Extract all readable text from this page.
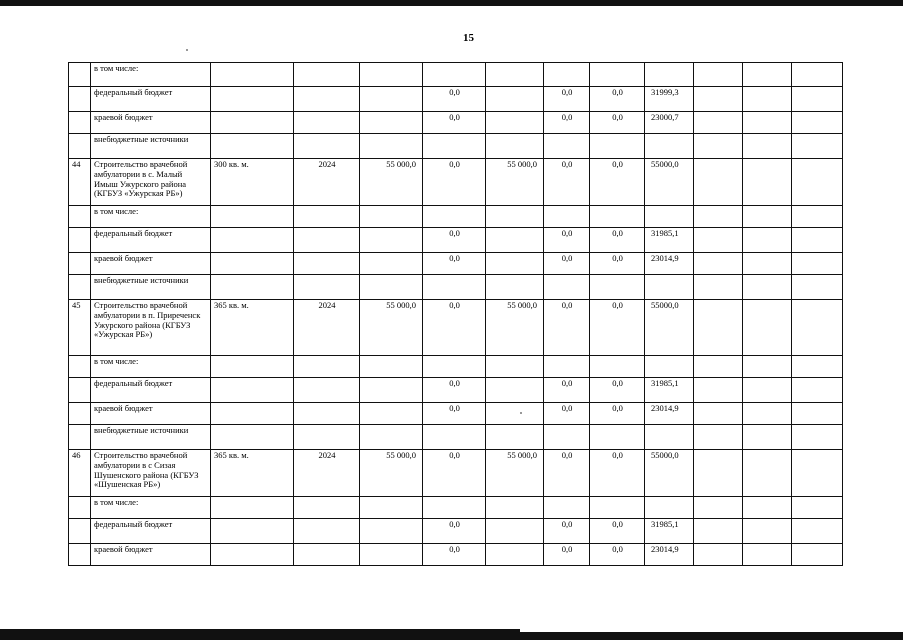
15
	в том числе:											
	федеральный бюджет				0,0		0,0	0,0	31999,3			
	краевой бюджет				0,0		0,0	0,0	23000,7			
	внебюджетные источники											
44	Строительство врачебной амбулатории в с. Малый Имыш Ужурского района (КГБУЗ «Ужурская РБ»)	300 кв. м.	2024	55 000,0	0,0	55 000,0	0,0	0,0	55000,0			
	в том числе:											
	федеральный бюджет				0,0		0,0	0,0	31985,1			
	краевой бюджет				0,0		0,0	0,0	23014,9			
	внебюджетные источники											
45	Строительство врачебной амбулатории в п. Приреченск Ужурского района (КГБУЗ «Ужурская РБ»)	365 кв. м.	2024	55 000,0	0,0	55 000,0	0,0	0,0	55000,0			
	в том числе:											
	федеральный бюджет				0,0		0,0	0,0	31985,1			
	краевой бюджет				0,0		0,0	0,0	23014,9			
	внебюджетные источники											
46	Строительство врачебной амбулатории в с Сизая Шушенского района (КГБУЗ «Шушенская РБ»)	365 кв. м.	2024	55 000,0	0,0	55 000,0	0,0	0,0	55000,0			
	в том числе:											
	федеральный бюджет				0,0		0,0	0,0	31985,1			
	краевой бюджет				0,0		0,0	0,0	23014,9			
